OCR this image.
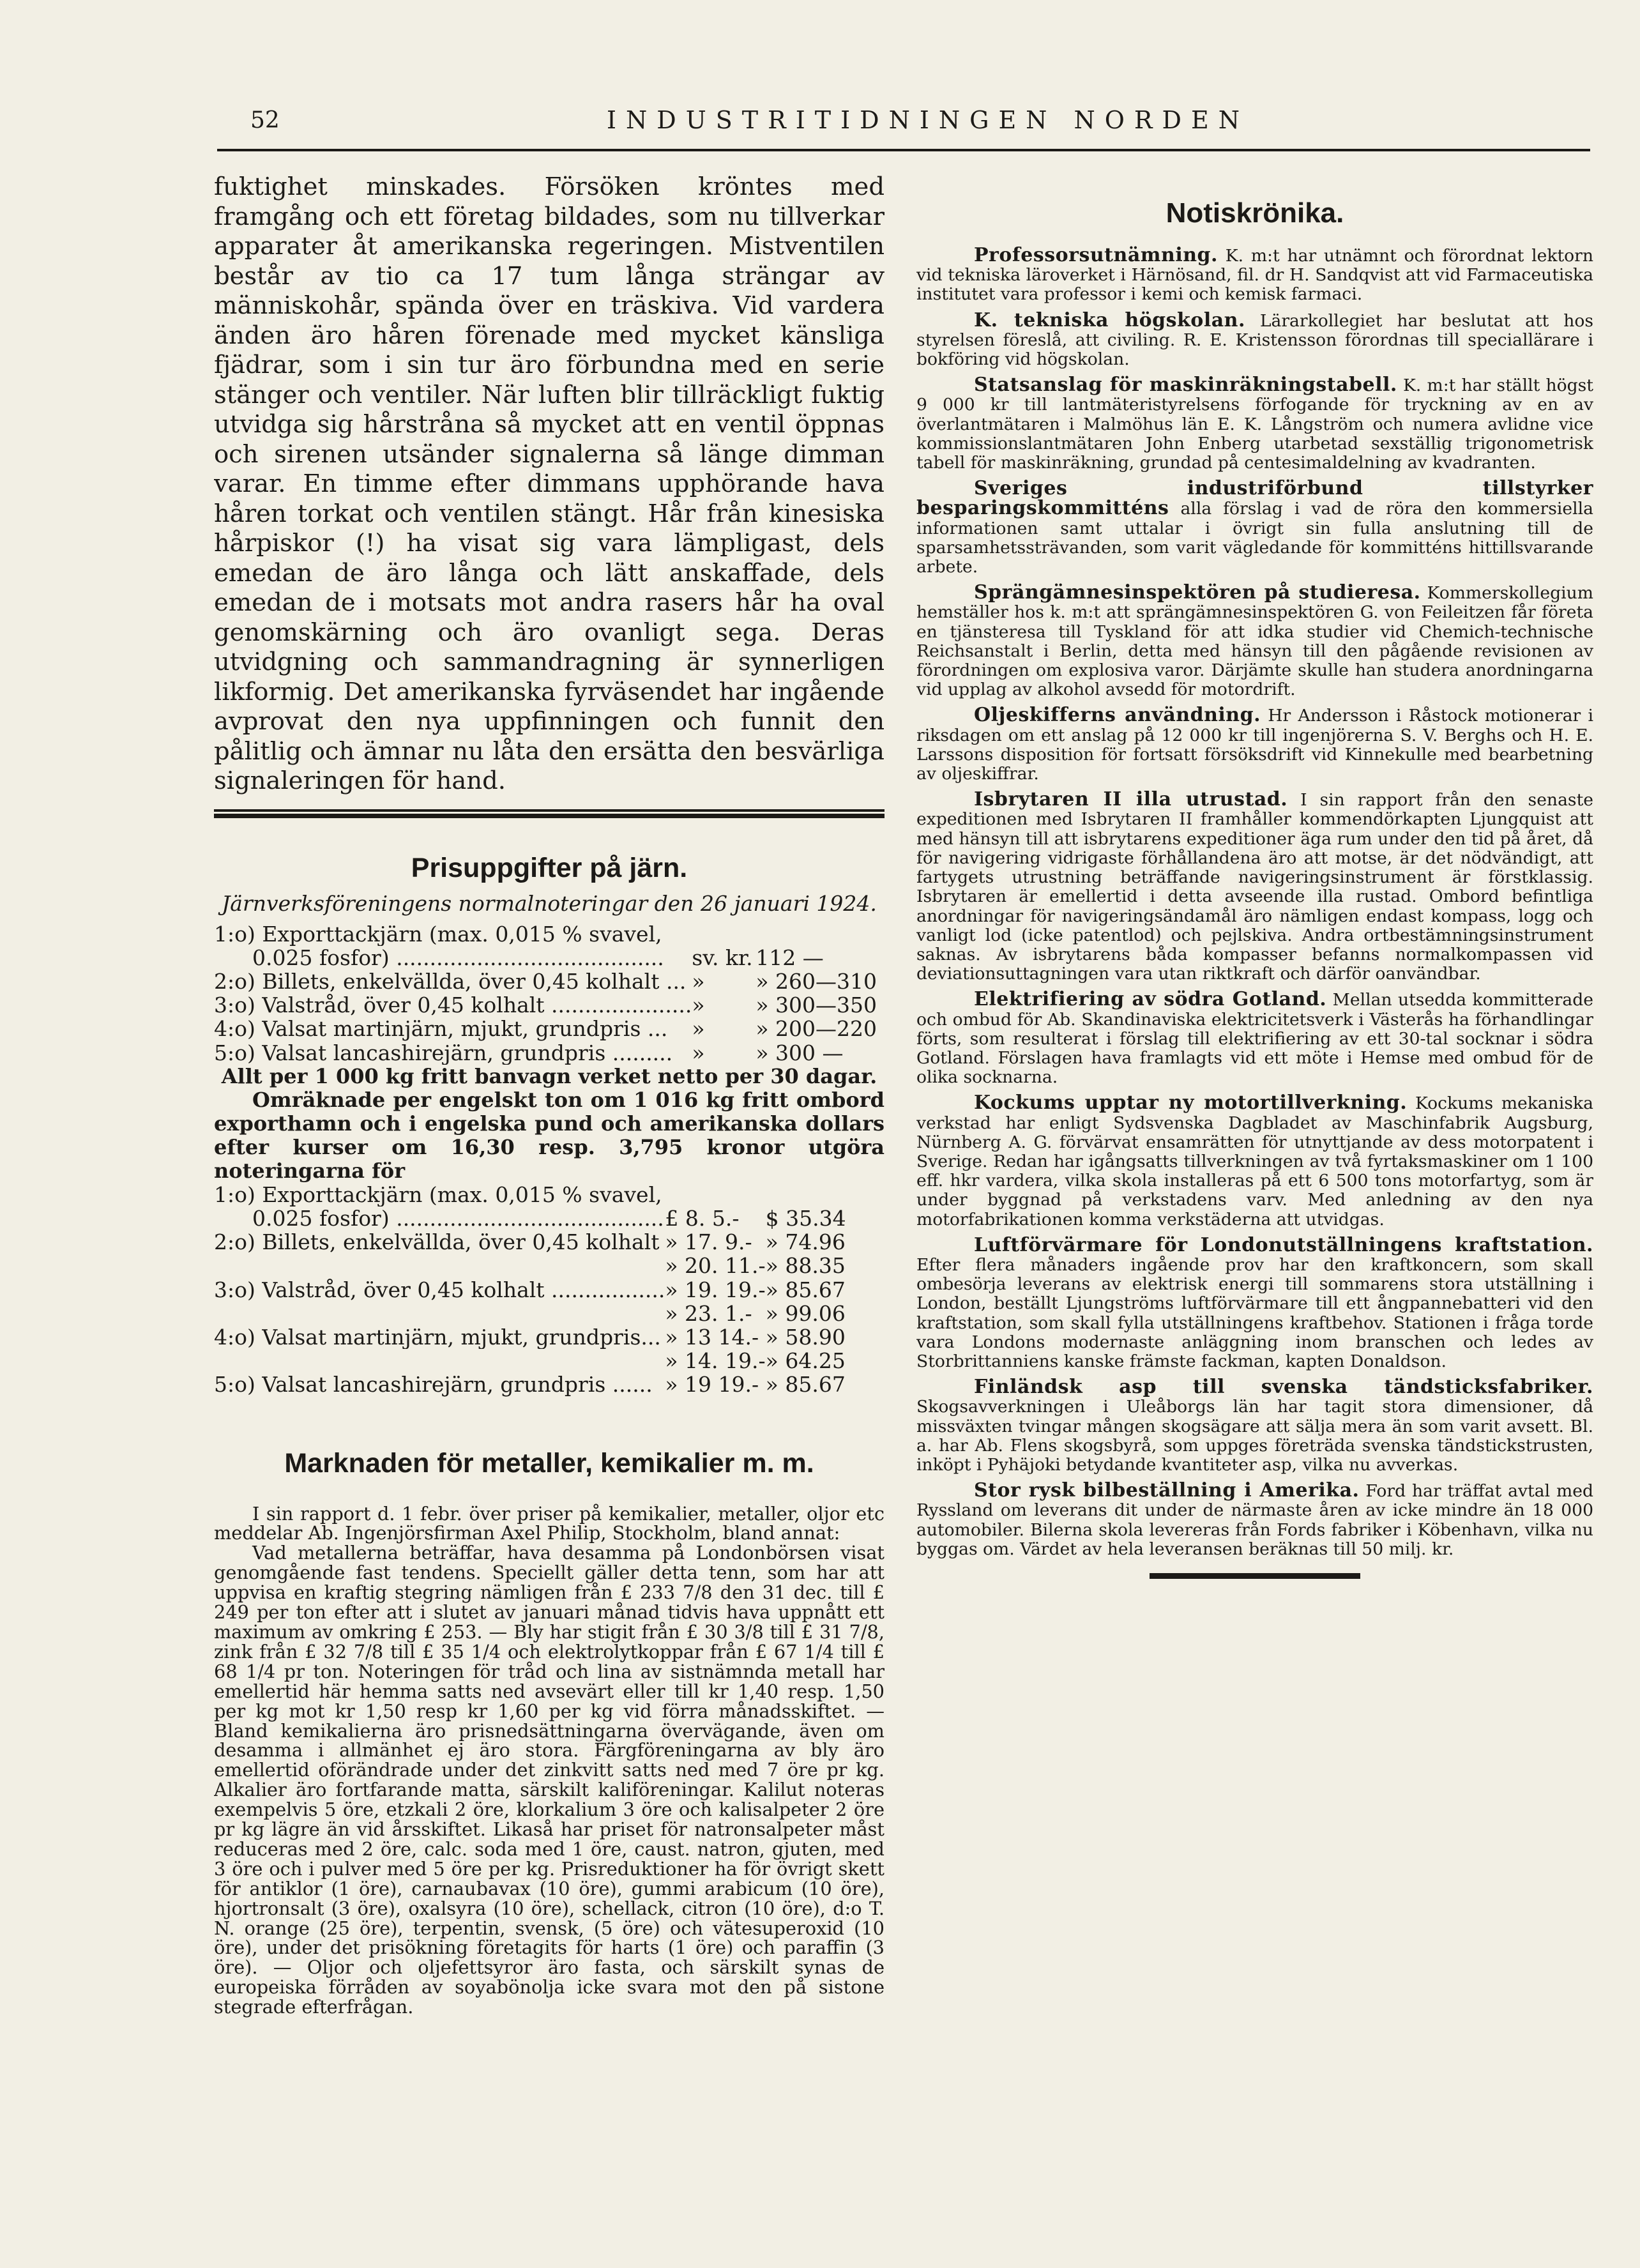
52	INDUSTRITIDNINGEN NORDEN

fuktighet minskades. Försöken kröntes med framgång och ett företag bildades, som nu tillverkar apparater åt amerikanska regeringen. Mistventilen består av tio ca 17 tum långa strängar av människohår, spända över en träskiva. Vid vardera änden äro håren förenade med mycket känsliga fjädrar, som i sin tur äro förbundna med en serie stänger och ventiler. När luften blir tillräckligt fuktig utvidga sig hårstråna så mycket att en ventil öppnas och sirenen utsänder signalerna så länge dimman varar. En timme efter dimmans upphörande hava håren torkat och ventilen stängt. Hår från kinesiska hårpiskor (!) ha visat sig vara lämpligast, dels emedan de äro långa och lätt anskaffade, dels emedan de i motsats mot andra rasers hår ha oval genomskärning och äro ovanligt sega. Deras utvidgning och sammandragning är synnerligen likformig. Det amerikanska fyrväsendet har ingående avprovat den nya uppfinningen och funnit den pålitlig och ämnar nu låta den ersätta den besvärliga signaleringen för hand.

Prisuppgifter på järn.

Järnverksföreningens normalnoteringar den 26 januari 1924.

1:o) Exporttackjärn (max. 0,015 % svavel,		
0.025 fosfor) ........................................	sv. kr.	112 —
2:o) Billets, enkelvällda, över 0,45 kolhalt ...	»	» 260—310
3:o) Valstråd, över 0,45 kolhalt .....................	»	» 300—350
4:o) Valsat martinjärn, mjukt, grundpris ...	»	» 200—220
5:o) Valsat lancashirejärn, grundpris .........	»	» 300 —

Allt per 1 000 kg fritt banvagn verket netto per 30 dagar.

Omräknade per engelskt ton om 1 016 kg fritt ombord exporthamn och i engelska pund och amerikanska dollars efter kurser om 16,30 resp. 3,795 kronor utgöra noteringarna för

1:o) Exporttackjärn (max. 0,015 % svavel,		
0.025 fosfor) ........................................	£ 8. 5.-	$ 35.34
2:o) Billets, enkelvällda, över 0,45 kolhalt	» 17. 9.-	» 74.96
	» 20. 11.-	» 88.35
3:o) Valstråd, över 0,45 kolhalt .................	» 19. 19.-	» 85.67
	» 23. 1.-	» 99.06
4:o) Valsat martinjärn, mjukt, grundpris...	» 13 14.-	» 58.90
	» 14. 19.-	» 64.25
5:o) Valsat lancashirejärn, grundpris ......	» 19 19.-	» 85.67
Marknaden för metaller, kemikalier m. m.

I sin rapport d. 1 febr. över priser på kemikalier, metaller, oljor etc meddelar Ab. Ingenjörsfirman Axel Philip, Stockholm, bland annat:

Vad metallerna beträffar, hava desamma på Londonbörsen visat genomgående fast tendens. Speciellt gäller detta tenn, som har att uppvisa en kraftig stegring nämligen från £ 233 7/8 den 31 dec. till £ 249 per ton efter att i slutet av januari månad tidvis hava uppnått ett maximum av omkring £ 253. — Bly har stigit från £ 30 3/8 till £ 31 7/8, zink från £ 32 7/8 till £ 35 1/4 och elektrolytkoppar från £ 67 1/4 till £ 68 1/4 pr ton. Noteringen för tråd och lina av sistnämnda metall har emellertid här hemma satts ned avsevärt eller till kr 1,40 resp. 1,50 per kg mot kr 1,50 resp kr 1,60 per kg vid förra månadsskiftet. — Bland kemikalierna äro prisnedsättningarna övervägande, även om desamma i allmänhet ej äro stora. Färgföreningarna av bly äro emellertid oförändrade under det zinkvitt satts ned med 7 öre pr kg. Alkalier äro fortfarande matta, särskilt kaliföreningar. Kalilut noteras exempelvis 5 öre, etzkali 2 öre, klorkalium 3 öre och kalisalpeter 2 öre pr kg lägre än vid årsskiftet. Likaså har priset för natronsalpeter måst reduceras med 2 öre, calc. soda med 1 öre, caust. natron, gjuten, med 3 öre och i pulver med 5 öre per kg. Prisreduktioner ha för övrigt skett för antiklor (1 öre), carnaubavax (10 öre), gummi arabicum (10 öre), hjortronsalt (3 öre), oxalsyra (10 öre), schellack, citron (10 öre), d:o T. N. orange (25 öre), terpentin, svensk, (5 öre) och vätesuperoxid (10 öre), under det prisökning företagits för harts (1 öre) och paraffin (3 öre). — Oljor och oljefettsyror äro fasta, och särskilt synas de europeiska förråden av soyabönolja icke svara mot den på sistone stegrade efterfrågan.

Notiskrönika.

Professorsutnämning. K. m:t har utnämnt och förordnat lektorn vid tekniska läroverket i Härnösand, fil. dr H. Sandqvist att vid Farmaceutiska institutet vara professor i kemi och kemisk farmaci.

K. tekniska högskolan. Lärarkollegiet har beslutat att hos styrelsen föreslå, att civiling. R. E. Kristensson förordnas till speciallärare i bokföring vid högskolan.

Statsanslag för maskinräkningstabell. K. m:t har ställt högst 9 000 kr till lantmäteristyrelsens förfogande för tryckning av en av överlantmätaren i Malmöhus län E. K. Långström och numera avlidne vice kommissionslantmätaren John Enberg utarbetad sexställig trigonometrisk tabell för maskinräkning, grundad på centesimaldelning av kvadranten.

Sveriges industriförbund tillstyrker besparingskommitténs alla förslag i vad de röra den kommersiella informationen samt uttalar i övrigt sin fulla anslutning till de sparsamhetssträvanden, som varit vägledande för kommitténs hittillsvarande arbete.

Sprängämnesinspektören på studieresa. Kommerskollegium hemställer hos k. m:t att sprängämnesinspektören G. von Feileitzen får företa en tjänsteresa till Tyskland för att idka studier vid Chemich-technische Reichsanstalt i Berlin, detta med hänsyn till den pågående revisionen av förordningen om explosiva varor. Därjämte skulle han studera anordningarna vid upplag av alkohol avsedd för motordrift.

Oljeskifferns användning. Hr Andersson i Råstock motionerar i riksdagen om ett anslag på 12 000 kr till ingenjörerna S. V. Berghs och H. E. Larssons disposition för fortsatt försöksdrift vid Kinnekulle med bearbetning av oljeskiffrar.

Isbrytaren II illa utrustad. I sin rapport från den senaste expeditionen med Isbrytaren II framhåller kommendörkapten Ljungquist att med hänsyn till att isbrytarens expeditioner äga rum under den tid på året, då för navigering vidrigaste förhållandena äro att motse, är det nödvändigt, att fartygets utrustning beträffande navigeringsinstrument är förstklassig. Isbrytaren är emellertid i detta avseende illa rustad. Ombord befintliga anordningar för navigeringsändamål äro nämligen endast kompass, logg och vanligt lod (icke patentlod) och pejlskiva. Andra ortbestämningsinstrument saknas. Av isbrytarens båda kompasser befanns normalkompassen vid deviationsuttagningen vara utan riktkraft och därför oanvändbar.

Elektrifiering av södra Gotland. Mellan utsedda kommitterade och ombud för Ab. Skandinaviska elektricitetsverk i Västerås ha förhandlingar förts, som resulterat i förslag till elektrifiering av ett 30-tal socknar i södra Gotland. Förslagen hava framlagts vid ett möte i Hemse med ombud för de olika socknarna.

Kockums upptar ny motortillverkning. Kockums mekaniska verkstad har enligt Sydsvenska Dagbladet av Maschinfabrik Augsburg, Nürnberg A. G. förvärvat ensamrätten för utnyttjande av dess motorpatent i Sverige. Redan har igångsatts tillverkningen av två fyrtaksmaskiner om 1 100 eff. hkr vardera, vilka skola installeras på ett 6 500 tons motorfartyg, som är under byggnad på verkstadens varv. Med anledning av den nya motorfabrikationen komma verkstäderna att utvidgas.

Luftförvärmare för Londonutställningens kraftstation. Efter flera månaders ingående prov har den kraftkoncern, som skall ombesörja leverans av elektrisk energi till sommarens stora utställning i London, beställt Ljungströms luftförvärmare till ett ångpannebatteri vid den kraftstation, som skall fylla utställningens kraftbehov. Stationen i fråga torde vara Londons modernaste anläggning inom branschen och ledes av Storbrittanniens kanske främste fackman, kapten Donaldson.

Finländsk asp till svenska tändsticksfabriker. Skogsavverkningen i Uleåborgs län har tagit stora dimensioner, då missväxten tvingar mången skogsägare att sälja mera än som varit avsett. Bl. a. har Ab. Flens skogsbyrå, som uppges företräda svenska tändstickstrusten, inköpt i Pyhäjoki betydande kvantiteter asp, vilka nu avverkas.

Stor rysk bilbeställning i Amerika. Ford har träffat avtal med Ryssland om leverans dit under de närmaste åren av icke mindre än 18 000 automobiler. Bilerna skola levereras från Fords fabriker i Köbenhavn, vilka nu byggas om. Värdet av hela leveransen beräknas till 50 milj. kr.
